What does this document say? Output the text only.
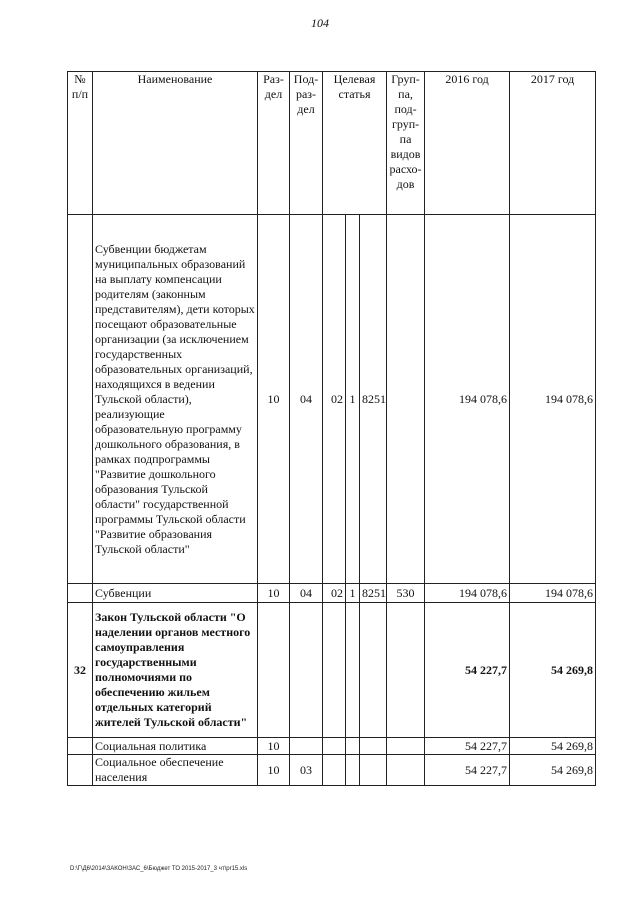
104
№ п/п	Наименование	Раз-дел	Под-раз-дел	Целевая статья			Груп-па, под-груп-па видов расхо-дов	2016 год	2017 год
	Субвенции бюджетам муниципальных образований на выплату компенсации родителям (законным представителям), дети которых посещают образовательные организации (за исключением государственных образовательных организаций, находящихся в ведении Тульской области), реализующие образовательную программу дошкольного образования, в рамках подпрограммы "Развитие дошкольного образования Тульской области" государственной программы Тульской области "Развитие образования Тульской области"	10	04	02	1	8251		194 078,6	194 078,6
	Субвенции	10	04	02	1	8251	530	194 078,6	194 078,6
32	Закон Тульской области "О наделении органов местного самоуправления государственными полномочиями по обеспечению жильем отдельных категорий жителей Тульской области"							54 227,7	54 269,8
	Социальная политика	10						54 227,7	54 269,8
	Социальное обеспечение населения	10	03					54 227,7	54 269,8
D:\Г\Д6\2014\ЗАКОН\ЗАС_6\Бюджет ТО 2015-2017_3 чт\pr15.xls
